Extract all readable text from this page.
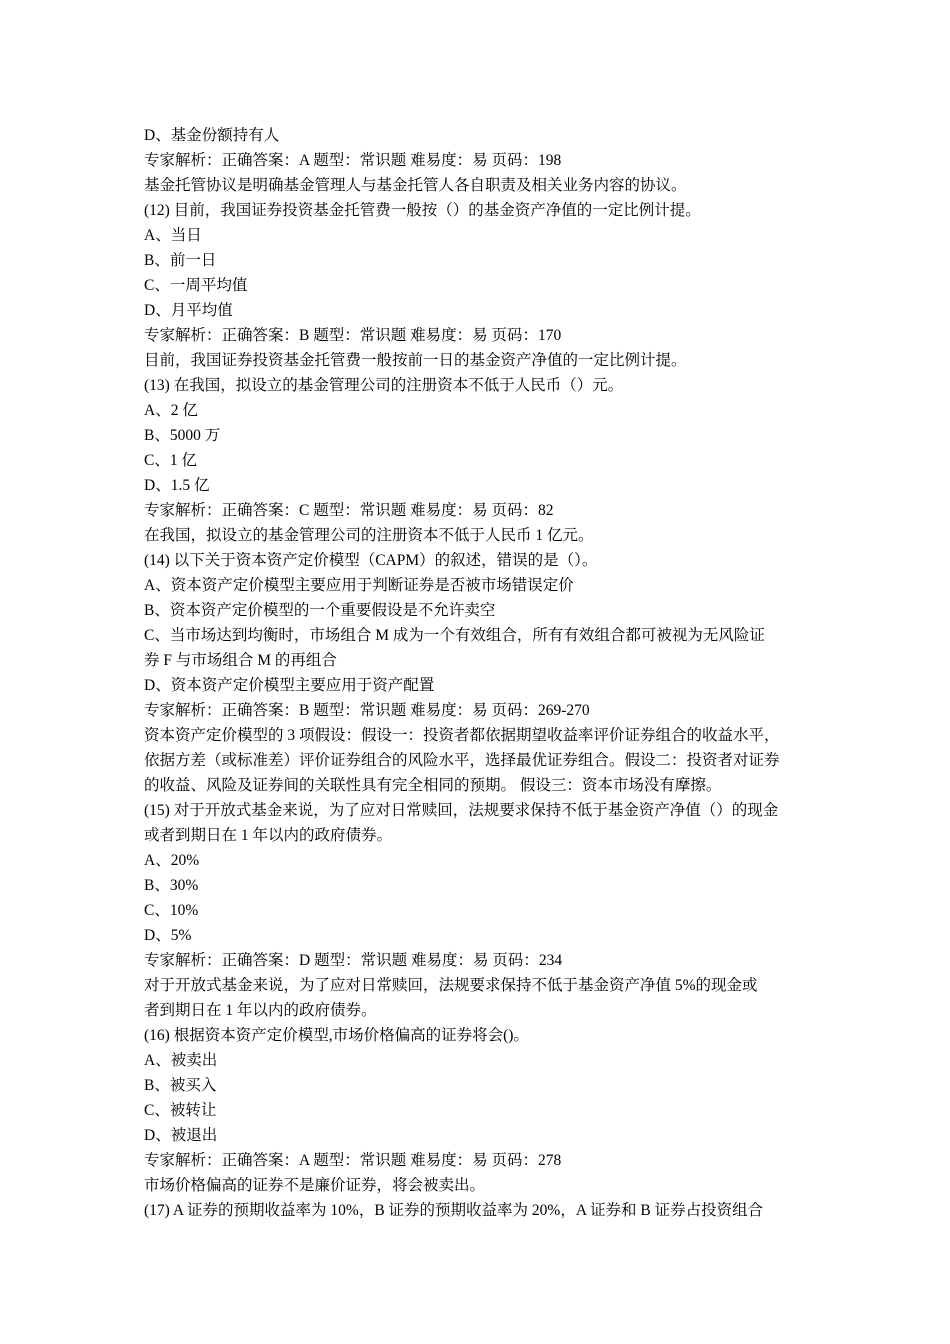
D、基金份额持有人
专家解析：正确答案：A 题型：常识题 难易度：易 页码：198
基金托管协议是明确基金管理人与基金托管人各自职责及相关业务内容的协议。
(12) 目前，我国证券投资基金托管费一般按（）的基金资产净值的一定比例计提。
A、当日
B、前一日
C、一周平均值
D、月平均值
专家解析：正确答案：B 题型：常识题 难易度：易 页码：170
目前，我国证券投资基金托管费一般按前一日的基金资产净值的一定比例计提。
(13) 在我国，拟设立的基金管理公司的注册资本不低于人民币（）元。
A、2 亿
B、5000 万
C、1 亿
D、1.5 亿
专家解析：正确答案：C 题型：常识题 难易度：易 页码：82
在我国，拟设立的基金管理公司的注册资本不低于人民币 1 亿元。
(14) 以下关于资本资产定价模型（CAPM）的叙述，错误的是（）。
A、资本资产定价模型主要应用于判断证券是否被市场错误定价
B、资本资产定价模型的一个重要假设是不允许卖空
C、当市场达到均衡时，市场组合 M 成为一个有效组合，所有有效组合都可被视为无风险证
券 F 与市场组合 M 的再组合
D、资本资产定价模型主要应用于资产配置
专家解析：正确答案：B 题型：常识题 难易度：易 页码：269-270
资本资产定价模型的 3 项假设：假设一：投资者都依据期望收益率评价证券组合的收益水平，
依据方差（或标准差）评价证券组合的风险水平，选择最优证券组合。假设二：投资者对证券
的收益、风险及证券间的关联性具有完全相同的预期。 假设三：资本市场没有摩擦。
(15) 对于开放式基金来说，为了应对日常赎回，法规要求保持不低于基金资产净值（）的现金
或者到期日在 1 年以内的政府债券。
A、20%
B、30%
C、10%
D、5%
专家解析：正确答案：D 题型：常识题 难易度：易 页码：234
对于开放式基金来说，为了应对日常赎回，法规要求保持不低于基金资产净值 5%的现金或
者到期日在 1 年以内的政府债券。
(16) 根据资本资产定价模型,市场价格偏高的证券将会()。
A、被卖出
B、被买入
C、被转让
D、被退出
专家解析：正确答案：A 题型：常识题 难易度：易 页码：278
市场价格偏高的证券不是廉价证券，将会被卖出。
(17) A 证券的预期收益率为 10%，B 证券的预期收益率为 20%，A 证券和 B 证券占投资组合
